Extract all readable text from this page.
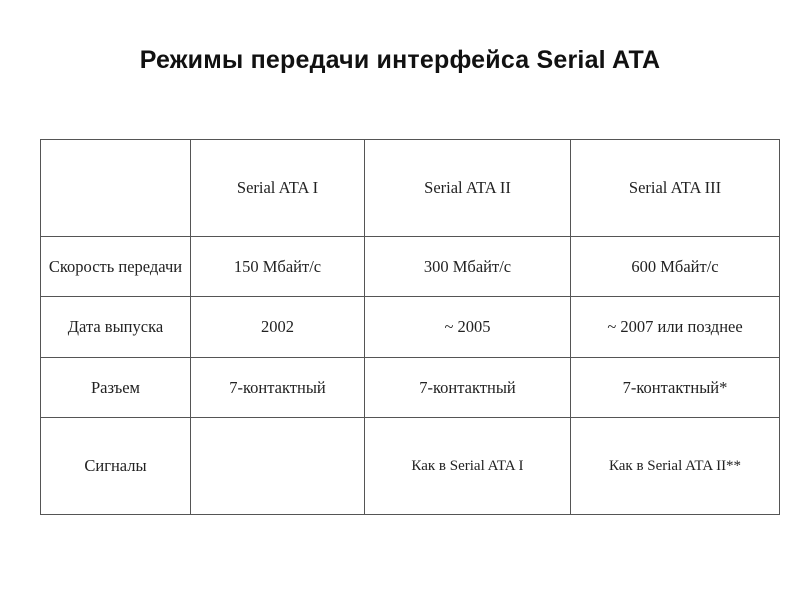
Режимы передачи интерфейса Serial ATA
	Serial ATA I	Serial ATA II	Serial ATA III
Скорость передачи	150 Мбайт/с	300 Мбайт/с	600 Мбайт/с
Дата выпуска	2002	~ 2005	~ 2007 или позднее
Разъем	7-контактный	7-контактный	7-контактный*
Сигналы		Как в Serial ATA I	Как в Serial ATA II**
